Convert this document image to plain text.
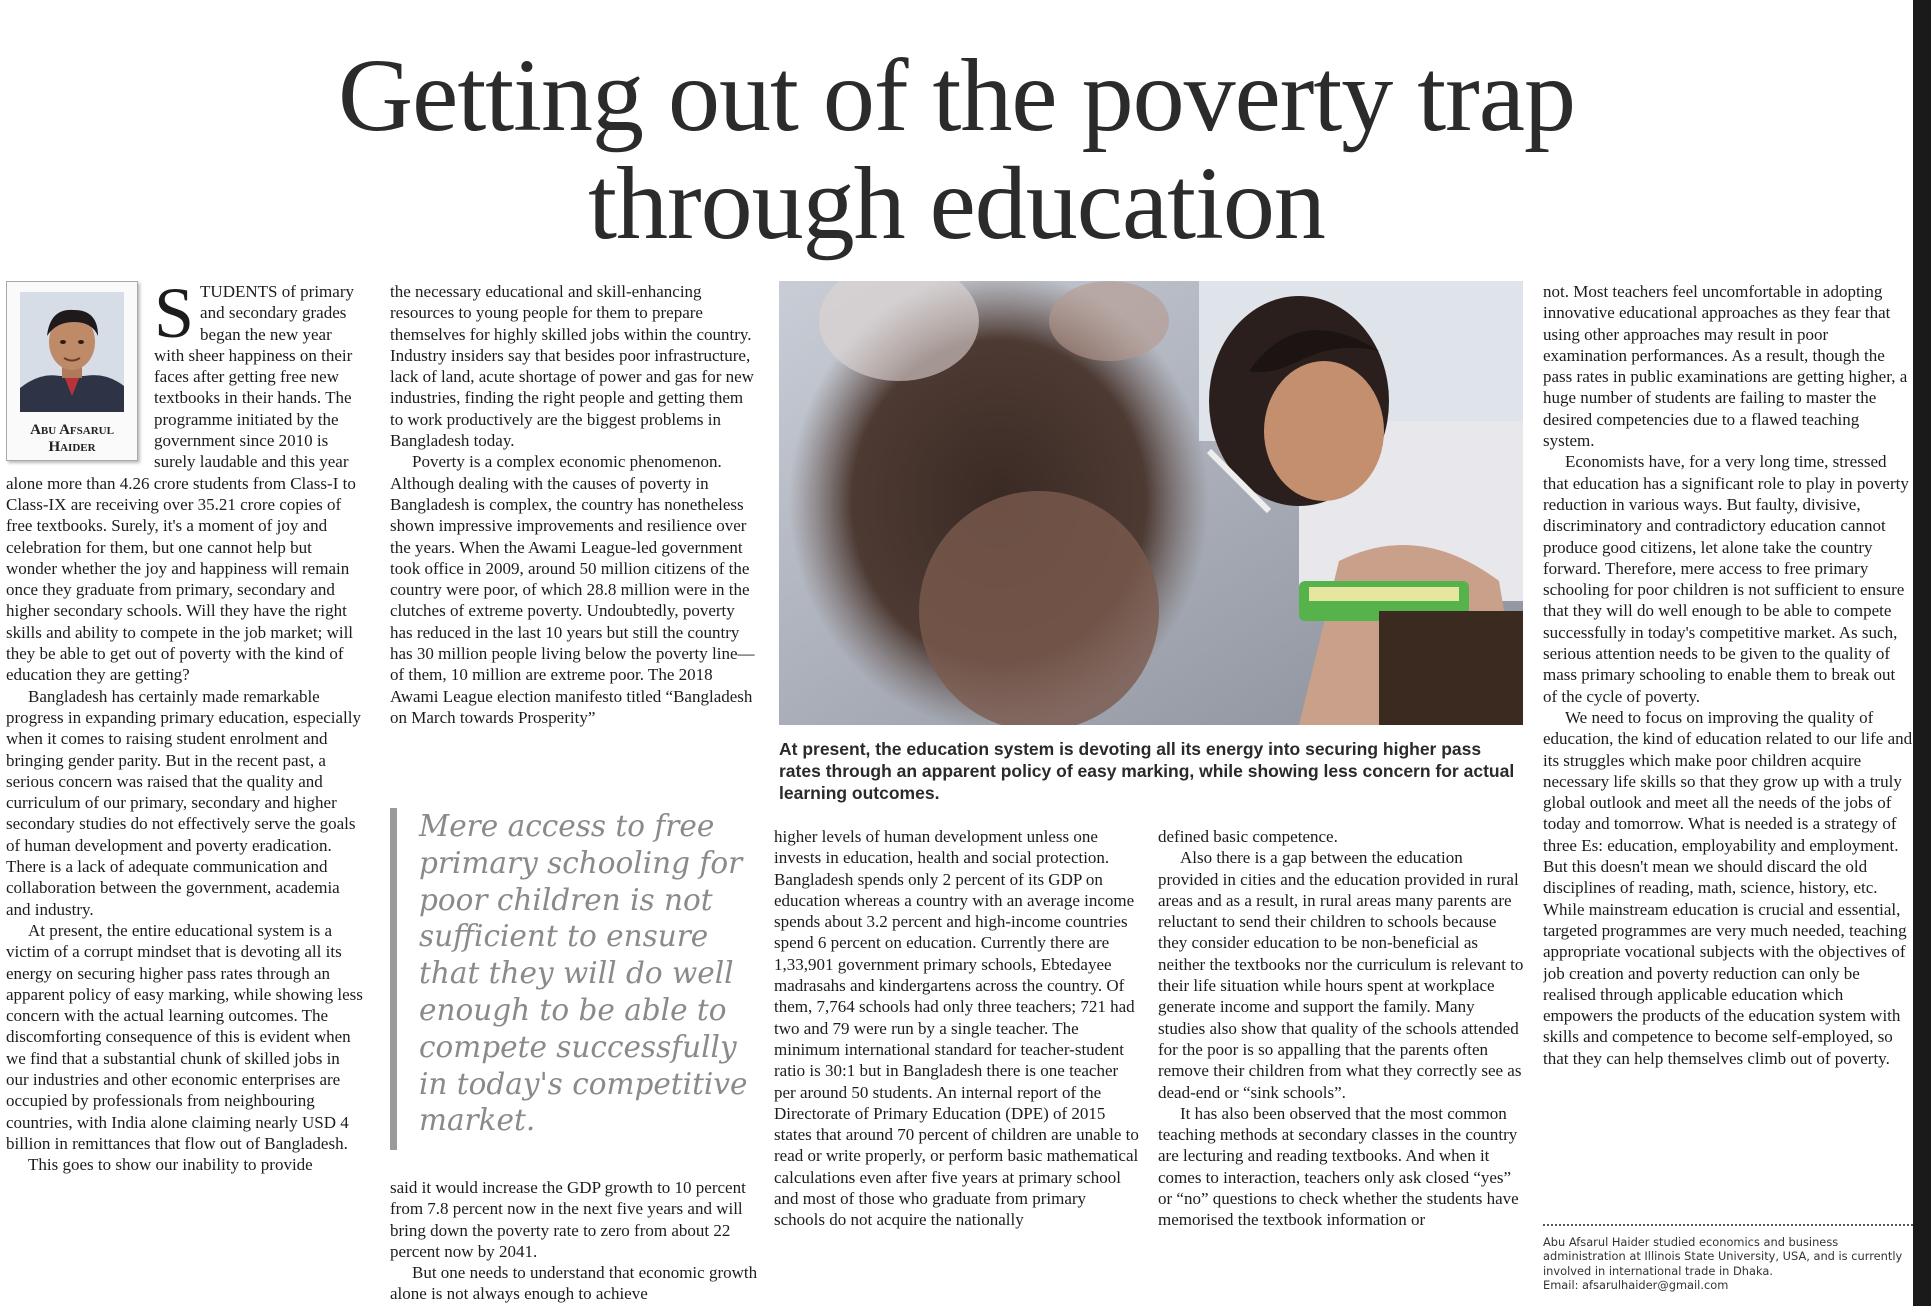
Getting out of the poverty trap
through education
Abu Afsarul
Haider

STUDENTS of primary and secondary grades began the new year with sheer happiness on their faces after getting free new textbooks in their hands. The programme initiated by the government since 2010 is surely laudable and this year alone more than 4.26 crore students from Class-I to Class-IX are receiving over 35.21 crore copies of free textbooks. Surely, it's a moment of joy and celebration for them, but one cannot help but wonder whether the joy and happiness will remain once they graduate from primary, secondary and higher secondary schools. Will they have the right skills and ability to compete in the job market; will they be able to get out of poverty with the kind of education they are getting?

Bangladesh has certainly made remarkable progress in expanding primary education, especially when it comes to raising student enrolment and bringing gender parity. But in the recent past, a serious concern was raised that the quality and curriculum of our primary, secondary and higher secondary studies do not effectively serve the goals of human development and poverty eradication. There is a lack of adequate communication and collaboration between the government, academia and industry.

At present, the entire educational system is a victim of a corrupt mindset that is devoting all its energy on securing higher pass rates through an apparent policy of easy marking, while showing less concern with the actual learning outcomes. The discomforting consequence of this is evident when we find that a substantial chunk of skilled jobs in our industries and other economic enterprises are occupied by professionals from neighbouring countries, with India alone claiming nearly USD 4 billion in remittances that flow out of Bangladesh.

This goes to show our inability to provide

the necessary educational and skill-enhancing resources to young people for them to prepare themselves for highly skilled jobs within the country. Industry insiders say that besides poor infrastructure, lack of land, acute shortage of power and gas for new industries, finding the right people and getting them to work productively are the biggest problems in Bangladesh today.

Poverty is a complex economic phenomenon. Although dealing with the causes of poverty in Bangladesh is complex, the country has nonetheless shown impressive improvements and resilience over the years. When the Awami League-led government took office in 2009, around 50 million citizens of the country were poor, of which 28.8 million were in the clutches of extreme poverty. Undoubtedly, poverty has reduced in the last 10 years but still the country has 30 million people living below the poverty line—of them, 10 million are extreme poor. The 2018 Awami League election manifesto titled “Bangladesh on March towards Prosperity”

Mere access to free primary schooling for poor children is not sufficient to ensure that they will do well enough to be able to compete successfully in today's competitive market.

said it would increase the GDP growth to 10 percent from 7.8 percent now in the next five years and will bring down the poverty rate to zero from about 22 percent now by 2041.

But one needs to understand that economic growth alone is not always enough to achieve

At present, the education system is devoting all its energy into securing higher pass rates through an apparent policy of easy marking, while showing less concern for actual learning outcomes.

higher levels of human development unless one invests in education, health and social protection. Bangladesh spends only 2 percent of its GDP on education whereas a country with an average income spends about 3.2 percent and high-income countries spend 6 percent on education. Currently there are 1,33,901 government primary schools, Ebtedayee madrasahs and kindergartens across the country. Of them, 7,764 schools had only three teachers; 721 had two and 79 were run by a single teacher. The minimum international standard for teacher-student ratio is 30:1 but in Bangladesh there is one teacher per around 50 students. An internal report of the Directorate of Primary Education (DPE) of 2015 states that around 70 percent of children are unable to read or write properly, or perform basic mathematical calculations even after five years at primary school and most of those who graduate from primary schools do not acquire the nationally

defined basic competence.

Also there is a gap between the education provided in cities and the education provided in rural areas and as a result, in rural areas many parents are reluctant to send their children to schools because they consider education to be non-beneficial as neither the textbooks nor the curriculum is relevant to their life situation while hours spent at workplace generate income and support the family. Many studies also show that quality of the schools attended for the poor is so appalling that the parents often remove their children from what they correctly see as dead-end or “sink schools”.

It has also been observed that the most common teaching methods at secondary classes in the country are lecturing and reading textbooks. And when it comes to interaction, teachers only ask closed “yes” or “no” questions to check whether the students have memorised the textbook information or

not. Most teachers feel uncomfortable in adopting innovative educational approaches as they fear that using other approaches may result in poor examination performances. As a result, though the pass rates in public examinations are getting higher, a huge number of students are failing to master the desired competencies due to a flawed teaching system.

Economists have, for a very long time, stressed that education has a significant role to play in poverty reduction in various ways. But faulty, divisive, discriminatory and contradictory education cannot produce good citizens, let alone take the country forward. Therefore, mere access to free primary schooling for poor children is not sufficient to ensure that they will do well enough to be able to compete successfully in today's competitive market. As such, serious attention needs to be given to the quality of mass primary schooling to enable them to break out of the cycle of poverty.

We need to focus on improving the quality of education, the kind of education related to our life and its struggles which make poor children acquire necessary life skills so that they grow up with a truly global outlook and meet all the needs of the jobs of today and tomorrow. What is needed is a strategy of three Es: education, employability and employment. But this doesn't mean we should discard the old disciplines of reading, math, science, history, etc. While mainstream education is crucial and essential, targeted programmes are very much needed, teaching appropriate vocational subjects with the objectives of job creation and poverty reduction can only be realised through applicable education which empowers the products of the education system with skills and competence to become self-employed, so that they can help themselves climb out of poverty.

Abu Afsarul Haider studied economics and business administration at Illinois State University, USA, and is currently involved in international trade in Dhaka.

Email: afsarulhaider@gmail.com
